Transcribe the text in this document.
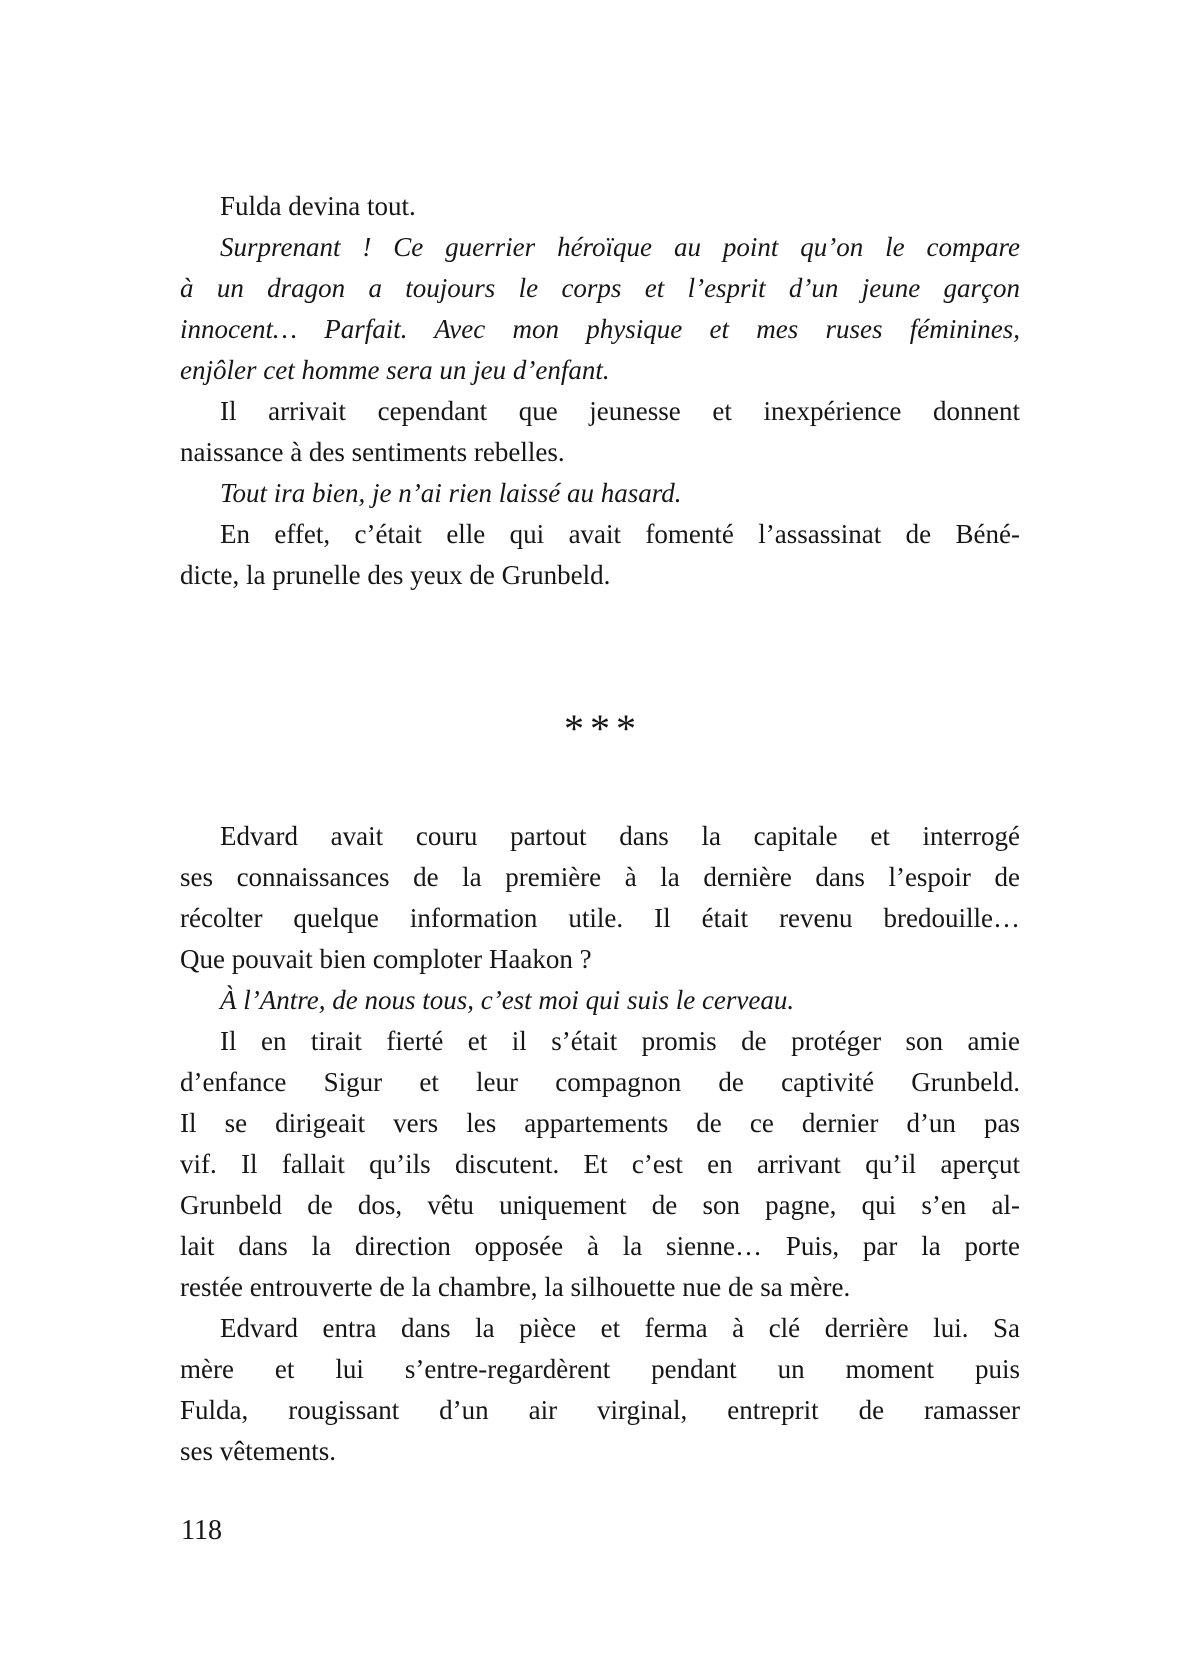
Fulda devina tout.
Surprenant ! Ce guerrier héroïque au point qu’on le compare
à un dragon a toujours le corps et l’esprit d’un jeune garçon
innocent… Parfait. Avec mon physique et mes ruses féminines,
enjôler cet homme sera un jeu d’enfant.
Il arrivait cependant que jeunesse et inexpérience donnent
naissance à des sentiments rebelles.
Tout ira bien, je n’ai rien laissé au hasard.
En effet, c’était elle qui avait fomenté l’assassinat de Béné-
dicte, la prunelle des yeux de Grunbeld.
***
Edvard avait couru partout dans la capitale et interrogé
ses connaissances de la première à la dernière dans l’espoir de
récolter quelque information utile. Il était revenu bredouille…
Que pouvait bien comploter Haakon ?
À l’Antre, de nous tous, c’est moi qui suis le cerveau.
Il en tirait fierté et il s’était promis de protéger son amie
d’enfance Sigur et leur compagnon de captivité Grunbeld.
Il se dirigeait vers les appartements de ce dernier d’un pas
vif. Il fallait qu’ils discutent. Et c’est en arrivant qu’il aperçut
Grunbeld de dos, vêtu uniquement de son pagne, qui s’en al-
lait dans la direction opposée à la sienne… Puis, par la porte
restée entrouverte de la chambre, la silhouette nue de sa mère.
Edvard entra dans la pièce et ferma à clé derrière lui. Sa
mère et lui s’entre-regardèrent pendant un moment puis
Fulda, rougissant d’un air virginal, entreprit de ramasser
ses vêtements.
118
